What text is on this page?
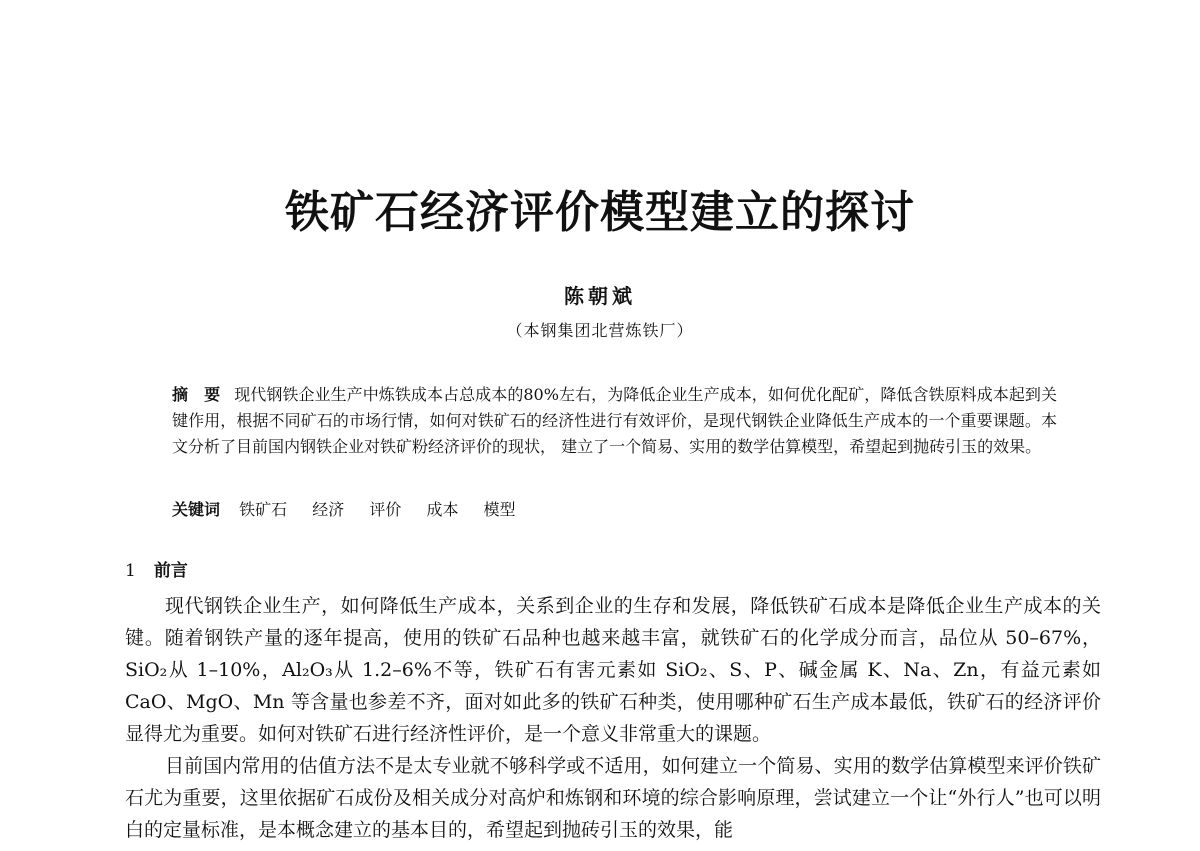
铁矿石经济评价模型建立的探讨
陈朝斌
（本钢集团北营炼铁厂）

摘　要 现代钢铁企业生产中炼铁成本占总成本的80%左右，为降低企业生产成本，如何优化配矿，降低含铁原料成本起到关键作用，根据不同矿石的市场行情，如何对铁矿石的经济性进行有效评价，是现代钢铁企业降低生产成本的一个重要课题。本文分析了目前国内钢铁企业对铁矿粉经济评价的现状， 建立了一个简易、实用的数学估算模型，希望起到抛砖引玉的效果。

关键词 铁矿石 经济 评价 成本 模型
1 前言

现代钢铁企业生产，如何降低生产成本，关系到企业的生存和发展，降低铁矿石成本是降低企业生产成本的关键。随着钢铁产量的逐年提高，使用的铁矿石品种也越来越丰富，就铁矿石的化学成分而言，品位从 50–67%，SiO₂从 1–10%，Al₂O₃从 1.2–6%不等，铁矿石有害元素如 SiO₂、S、P、碱金属 K、Na、Zn，有益元素如 CaO、MgO、Mn 等含量也参差不齐，面对如此多的铁矿石种类，使用哪种矿石生产成本最低，铁矿石的经济评价显得尤为重要。如何对铁矿石进行经济性评价，是一个意义非常重大的课题。

目前国内常用的估值方法不是太专业就不够科学或不适用，如何建立一个简易、实用的数学估算模型来评价铁矿石尤为重要，这里依据矿石成份及相关成分对高炉和炼钢和环境的综合影响原理，尝试建立一个让“外行人”也可以明白的定量标准，是本概念建立的基本目的，希望起到抛砖引玉的效果，能
